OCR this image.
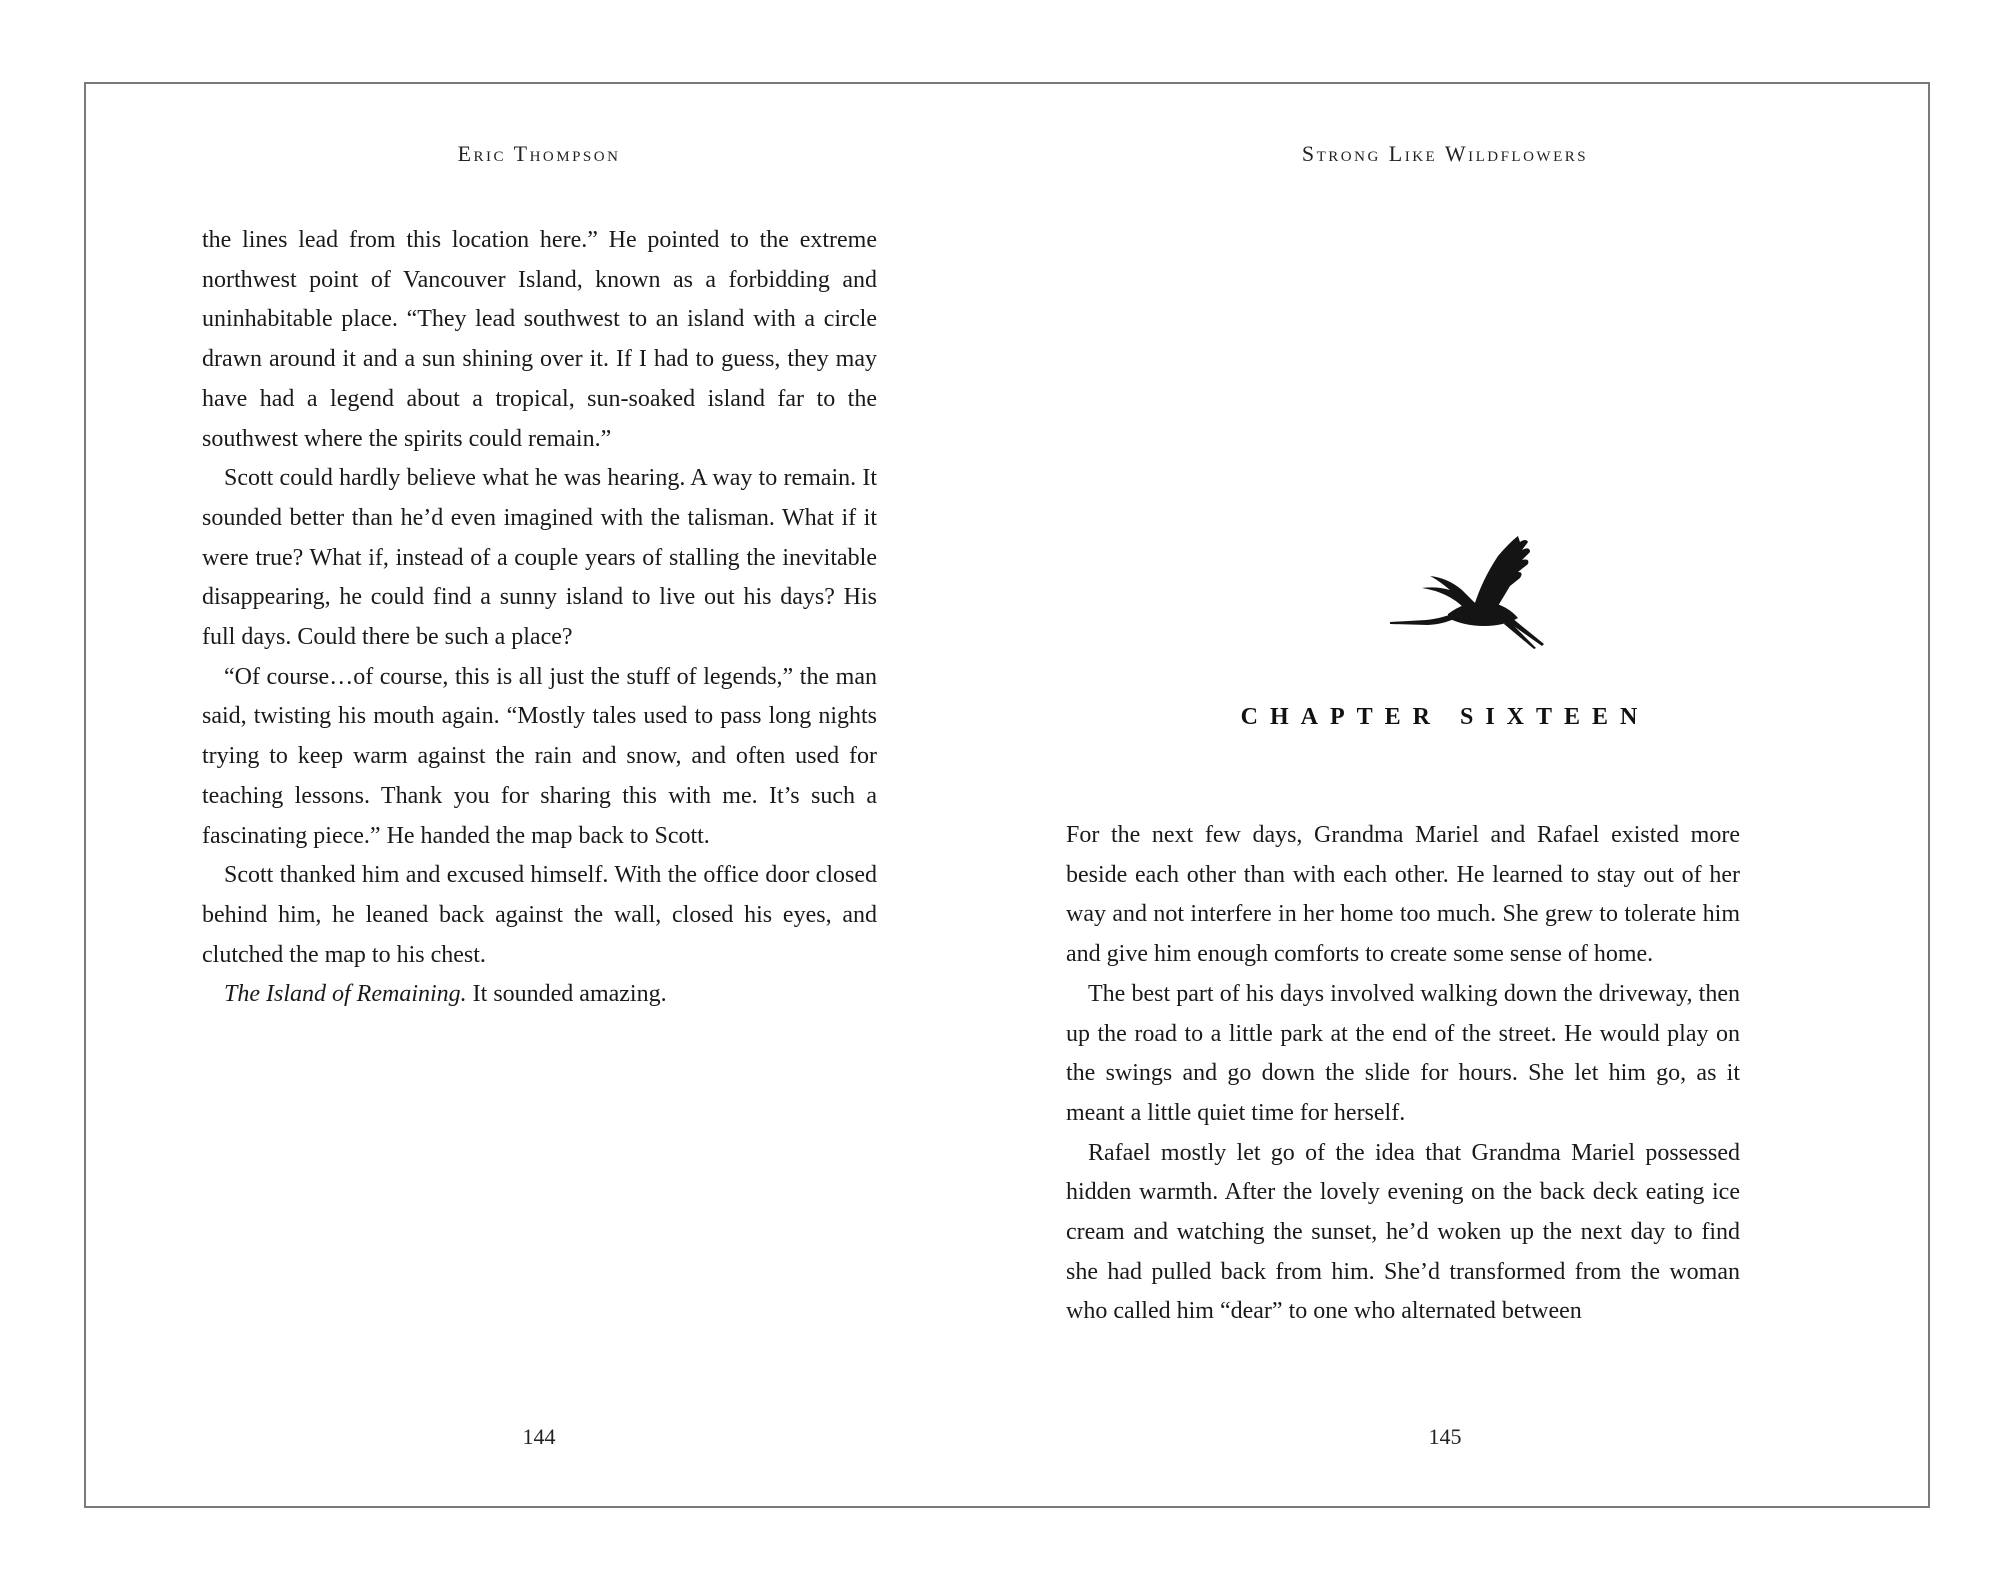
Eric Thompson

the lines lead from this location here.” He pointed to the extreme northwest point of Vancouver Island, known as a forbidding and uninhabitable place. “They lead southwest to an island with a circle drawn around it and a sun shining over it. If I had to guess, they may have had a legend about a tropical, sun-soaked island far to the southwest where the spirits could remain.”

Scott could hardly believe what he was hearing. A way to remain. It sounded better than he’d even imagined with the talisman. What if it were true? What if, instead of a couple years of stalling the inevitable disappearing, he could find a sunny island to live out his days? His full days. Could there be such a place?

“Of course…of course, this is all just the stuff of legends,” the man said, twisting his mouth again. “Mostly tales used to pass long nights trying to keep warm against the rain and snow, and often used for teaching lessons. Thank you for sharing this with me. It’s such a fascinating piece.” He handed the map back to Scott.

Scott thanked him and excused himself. With the office door closed behind him, he leaned back against the wall, closed his eyes, and clutched the map to his chest.

The Island of Remaining. It sounded amazing.

144
Strong Like Wildflowers
CHAPTER SIXTEEN

For the next few days, Grandma Mariel and Rafael existed more beside each other than with each other. He learned to stay out of her way and not interfere in her home too much. She grew to tolerate him and give him enough comforts to create some sense of home.

The best part of his days involved walking down the driveway, then up the road to a little park at the end of the street. He would play on the swings and go down the slide for hours. She let him go, as it meant a little quiet time for herself.

Rafael mostly let go of the idea that Grandma Mariel possessed hidden warmth. After the lovely evening on the back deck eating ice cream and watching the sunset, he’d woken up the next day to find she had pulled back from him. She’d transformed from the woman who called him “dear” to one who alternated between

145
